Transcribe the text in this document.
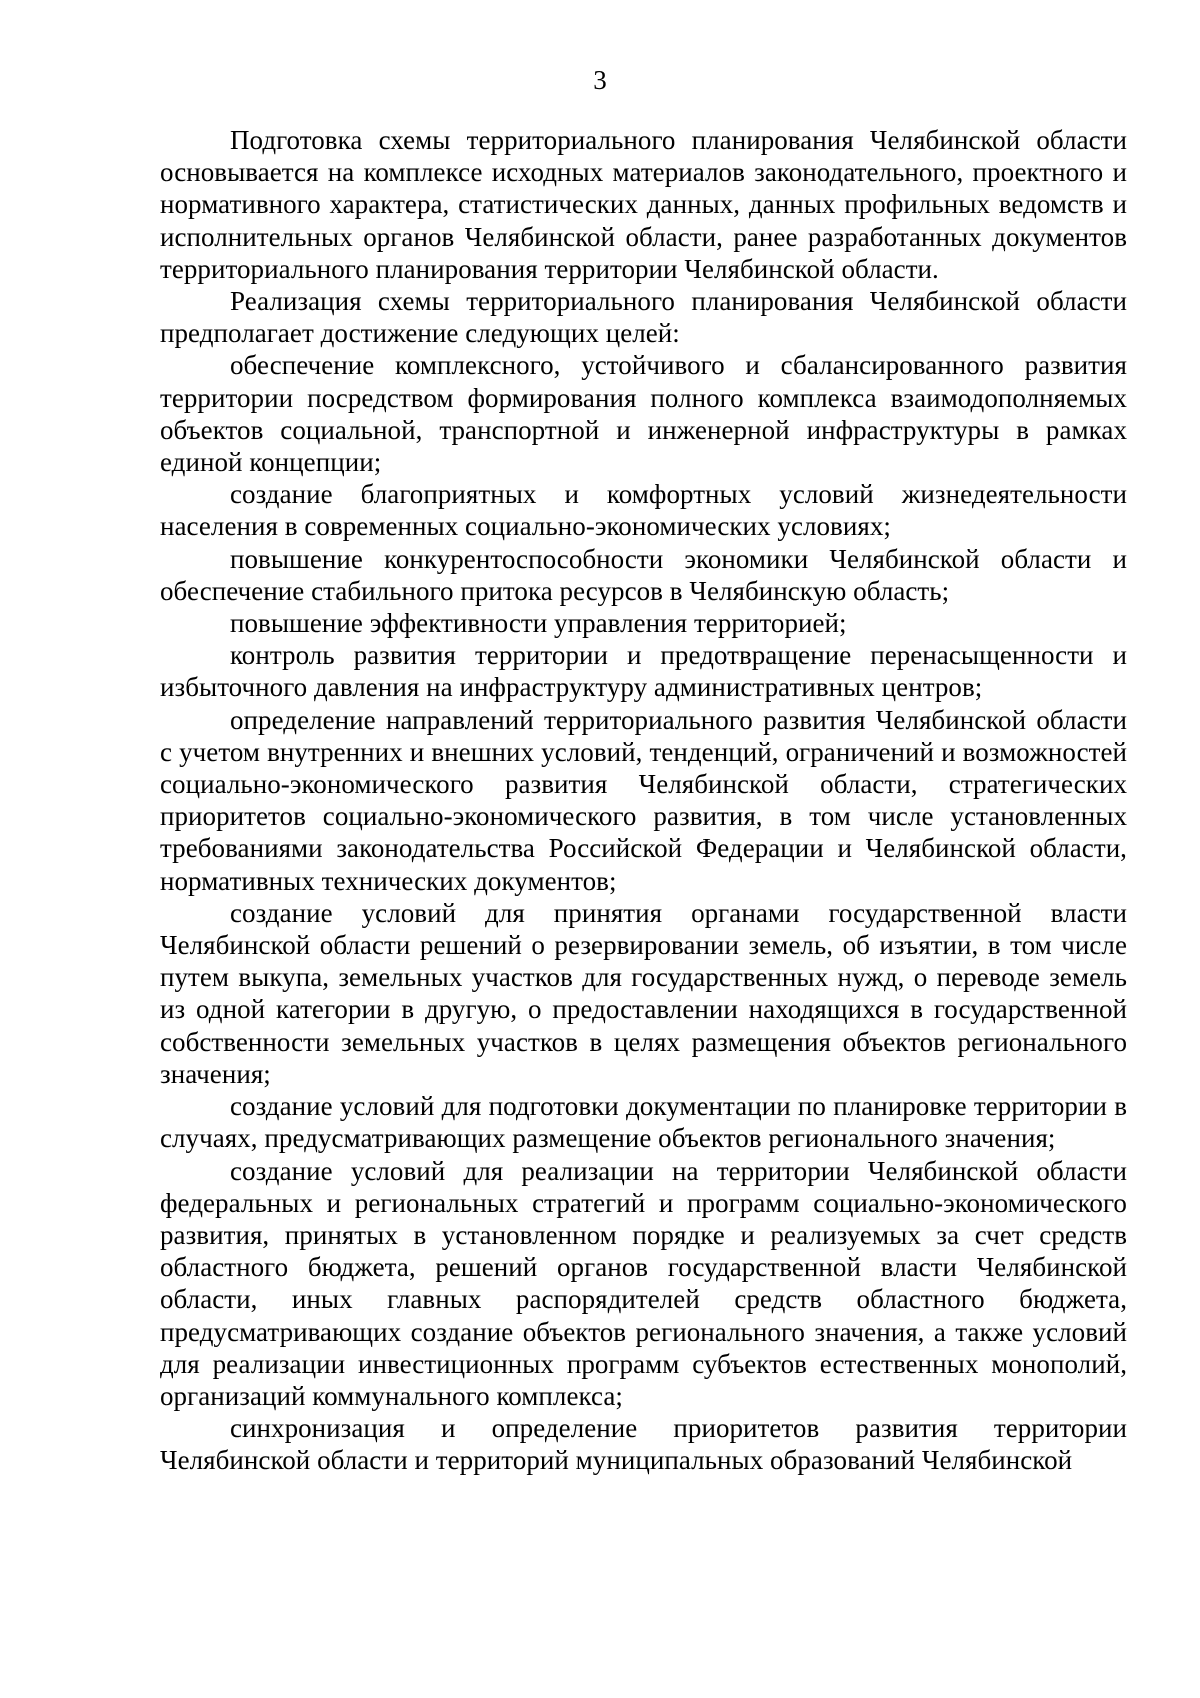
3

Подготовка схемы территориального планирования Челябинской области основывается на комплексе исходных материалов законодательного, проектного и нормативного характера, статистических данных, данных профильных ведомств и исполнительных органов Челябинской области, ранее разработанных документов территориального планирования территории Челябинской области.

Реализация схемы территориального планирования Челябинской области предполагает достижение следующих целей:

обеспечение комплексного, устойчивого и сбалансированного развития территории посредством формирования полного комплекса взаимодополняемых объектов социальной, транспортной и инженерной инфраструктуры в рамках единой концепции;

создание благоприятных и комфортных условий жизнедеятельности населения в современных социально-экономических условиях;

повышение конкурентоспособности экономики Челябинской области и обеспечение стабильного притока ресурсов в Челябинскую область;

повышение эффективности управления территорией;

контроль развития территории и предотвращение перенасыщенности и избыточного давления на инфраструктуру административных центров;

определение направлений территориального развития Челябинской области с учетом внутренних и внешних условий, тенденций, ограничений и возможностей социально-экономического развития Челябинской области, стратегических приоритетов социально-экономического развития, в том числе установленных требованиями законодательства Российской Федерации и Челябинской области, нормативных технических документов;

создание условий для принятия органами государственной власти Челябинской области решений о резервировании земель, об изъятии, в том числе путем выкупа, земельных участков для государственных нужд, о переводе земель из одной категории в другую, о предоставлении находящихся в государственной собственности земельных участков в целях размещения объектов регионального значения;

создание условий для подготовки документации по планировке территории в случаях, предусматривающих размещение объектов регионального значения;

создание условий для реализации на территории Челябинской области федеральных и региональных стратегий и программ социально-экономического развития, принятых в установленном порядке и реализуемых за счет средств областного бюджета, решений органов государственной власти Челябинской области, иных главных распорядителей средств областного бюджета, предусматривающих создание объектов регионального значения, а также условий для реализации инвестиционных программ субъектов естественных монополий, организаций коммунального комплекса;

синхронизация и определение приоритетов развития территории Челябинской области и территорий муниципальных образований Челябинской
